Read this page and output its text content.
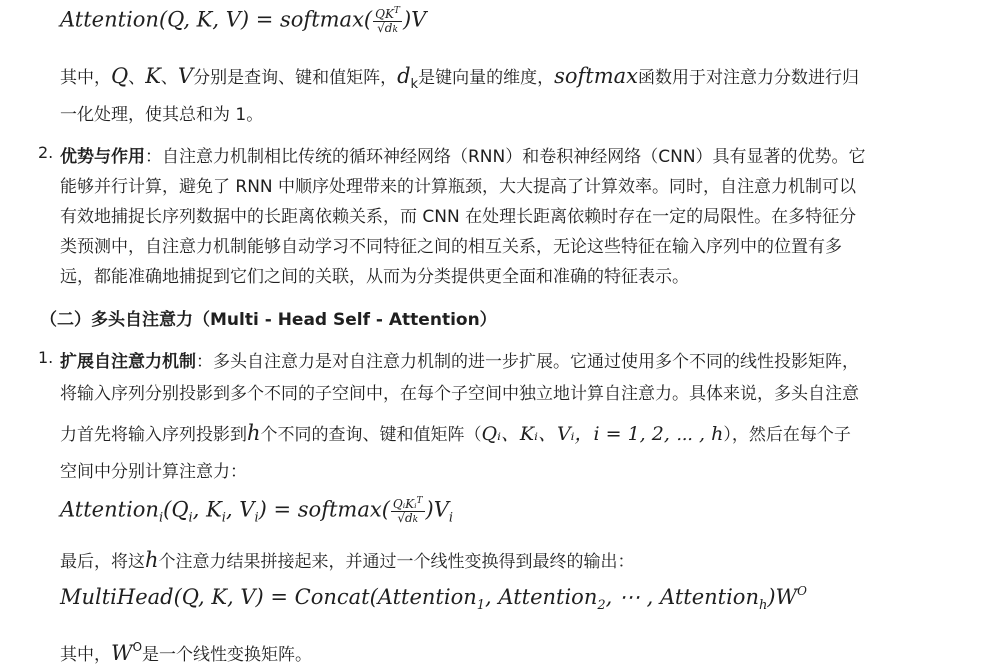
Attention(Q, K, V) = softmax( $\frac{QK^T}{√dk} )V$
其中，Q、K、V分别是查询、键和值矩阵，$d_k$是键向量的维度，softmax函数用于对注意力分数进行归
一化处理，使其总和为 1。
2. 优势与作用：自注意力机制相比传统的循环神经网络（RNN）和卷积神经网络（CNN）具有显著的优势。它
能够并行计算，避免了 RNN 中顺序处理带来的计算瓶颈，大大提高了计算效率。同时，自注意力机制可以
有效地捕捉长序列数据中的长距离依赖关系，而 CNN 在处理长距离依赖时存在一定的局限性。在多特征分
类预测中，自注意力机制能够自动学习不同特征之间的相互关系，无论这些特征在输入序列中的位置有多
远，都能准确地捕捉到它们之间的关联，从而为分类提供更全面和准确的特征表示。
（二）多头自注意力（Multi - Head Self - Attention）
1. 扩展自注意力机制：多头自注意力是对自注意力机制的进一步扩展。它通过使用多个不同的线性投影矩阵，
将输入序列分别投影到多个不同的子空间中，在每个子空间中独立地计算自注意力。具体来说，多头自注意
力首先将输入序列投影到h个不同的查询、键和值矩阵（Qᵢ、Kᵢ、Vᵢ，i = 1, 2, ⋯ , h），然后在每个子
空间中分别计算注意力：
$Attention_i(Q_i$, $K_i$, $V_i$) = softmax( $\frac{QᵢKᵢ^T}{√dk} )V_i$
最后，将这h个注意力结果拼接起来，并通过一个线性变换得到最终的输出：
MultiHead(Q, K, V) = Concat(Attention$_1$, Attention$_2$, ⋯ , $Attention_h)W^O$
其中，$W^O$是一个线性变换矩阵。
